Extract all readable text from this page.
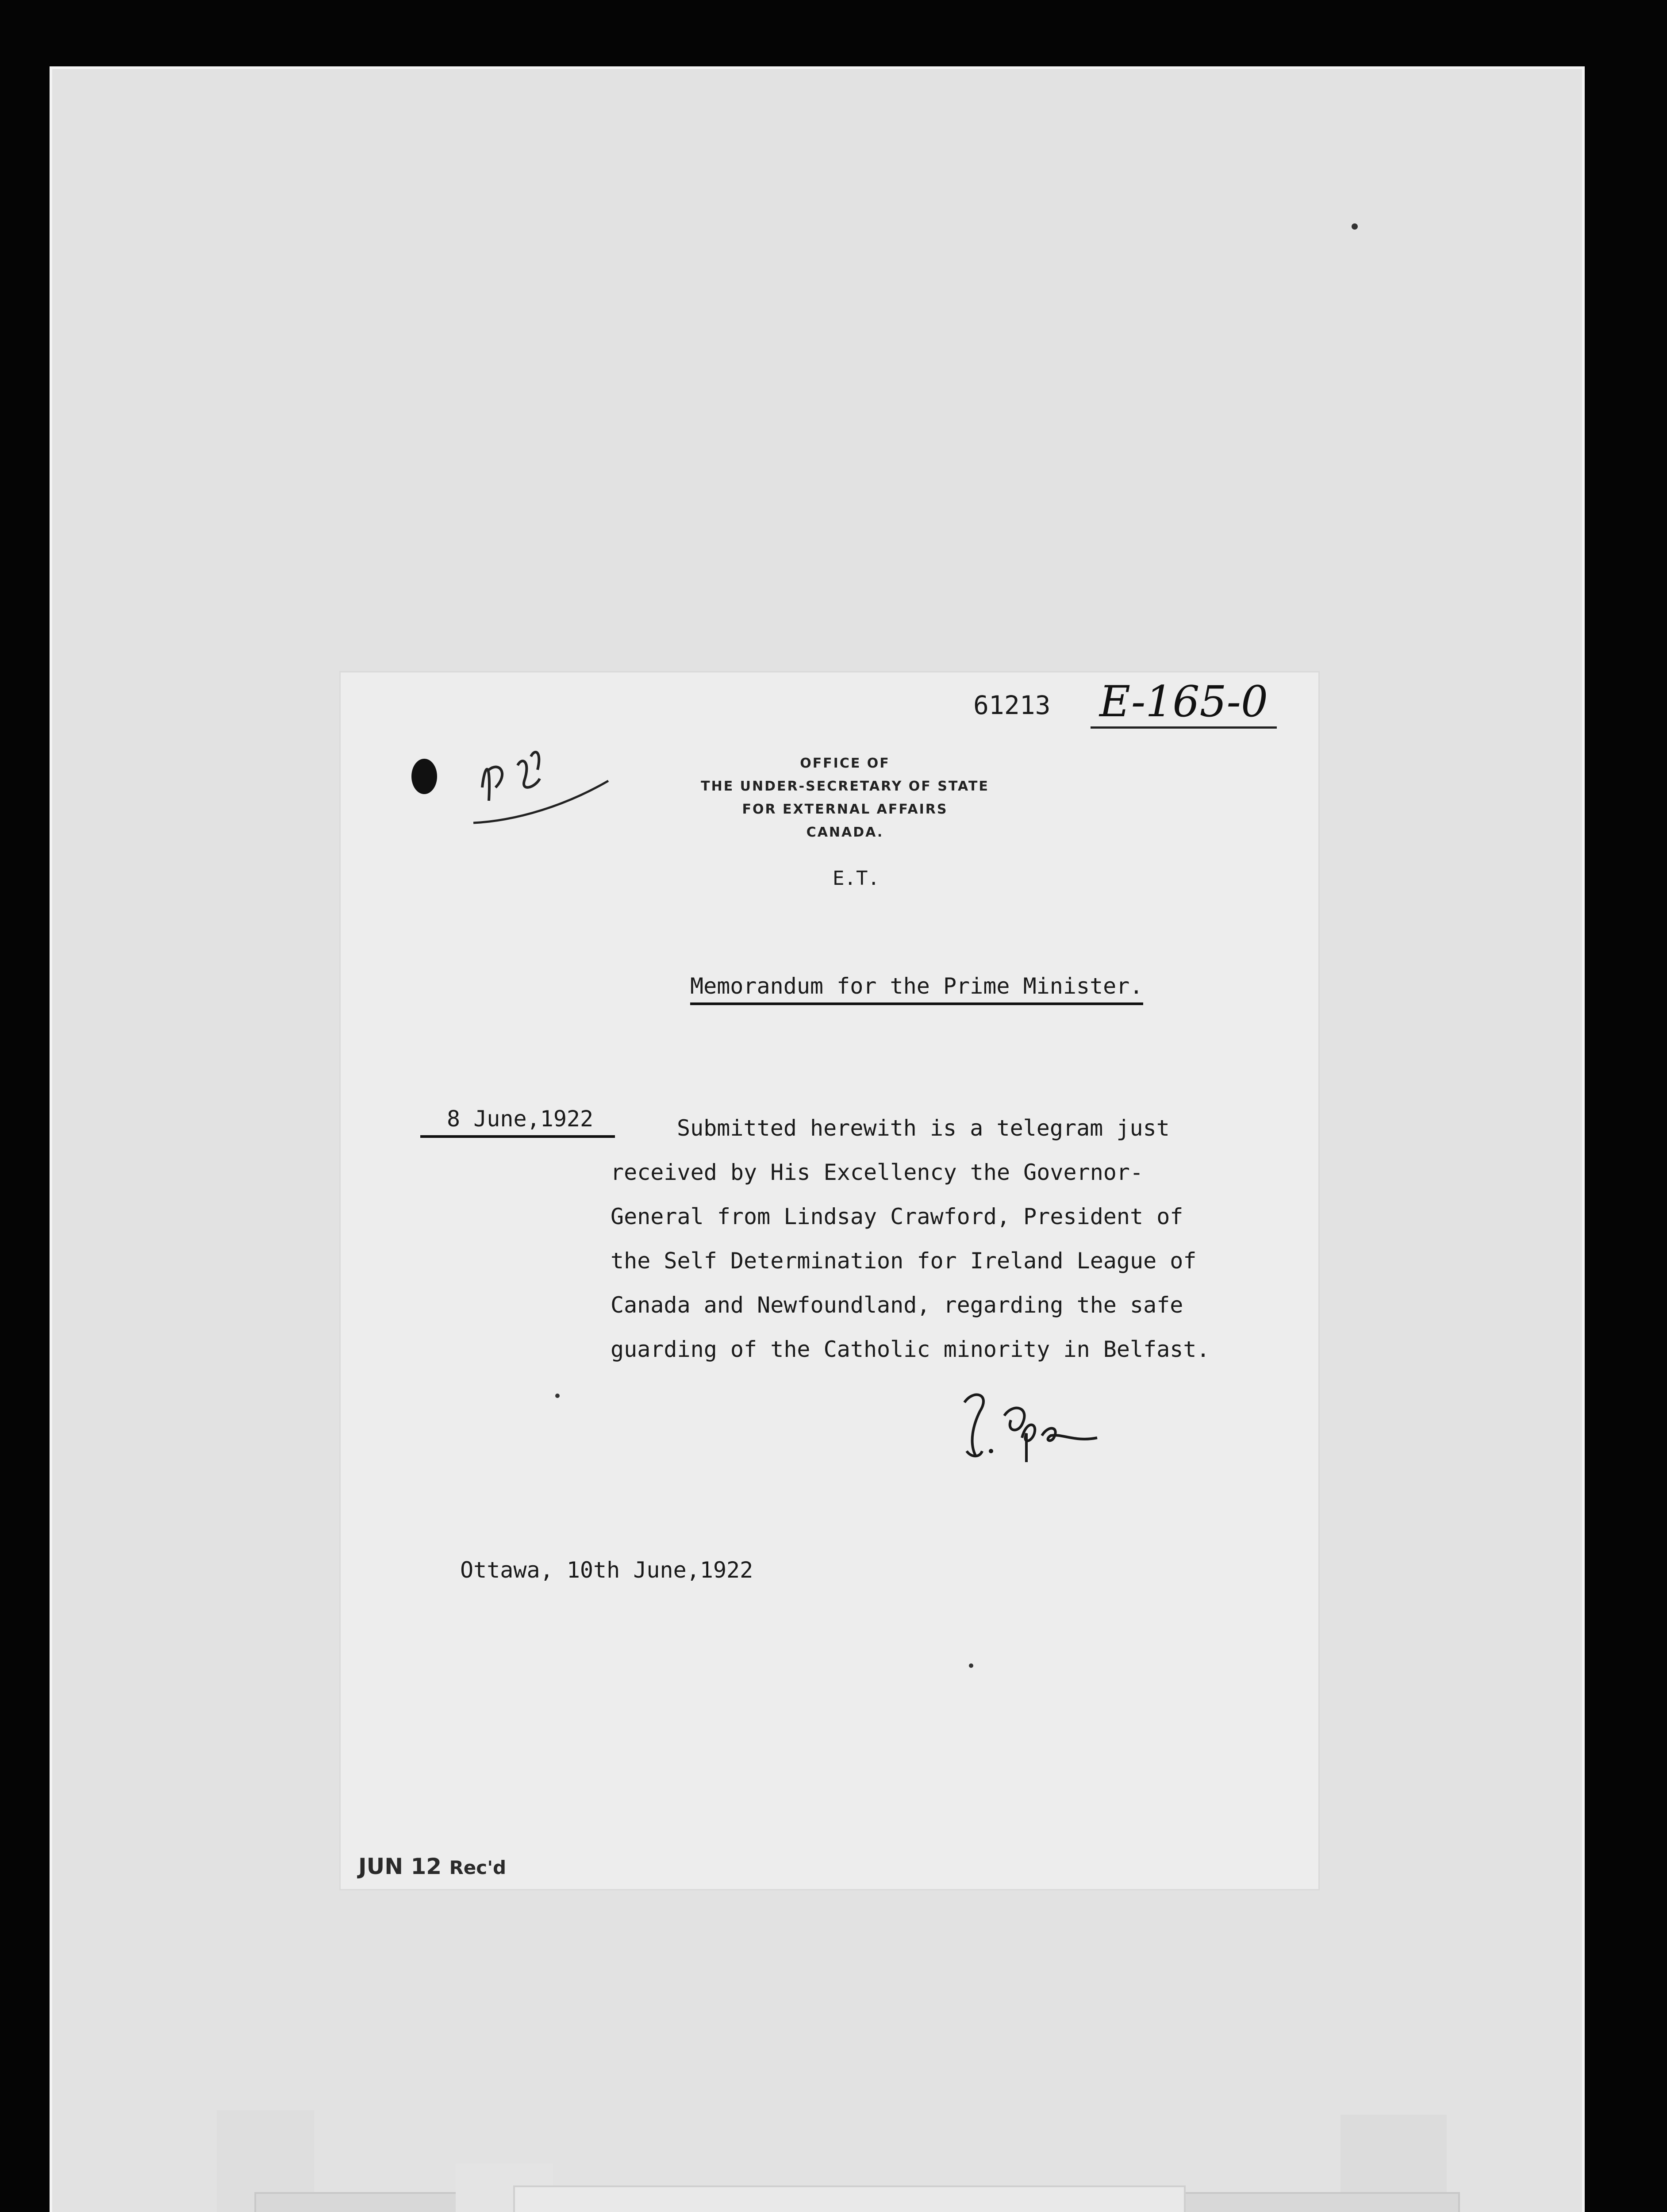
61213 E-165-0
OFFICE OF
THE UNDER-SECRETARY OF STATE
FOR EXTERNAL AFFAIRS
CANADA.
E.T.
Memorandum for the Prime Minister.
8 June,1922	Submitted herewith is a telegram just
received by His Excellency the Governor-
General from Lindsay Crawford, President of
the Self Determination for Ireland League of
Canada and Newfoundland, regarding the safe
guarding of the Catholic minority in Belfast.
Ottawa, 10th June,1922
JUN 12 Rec'd
